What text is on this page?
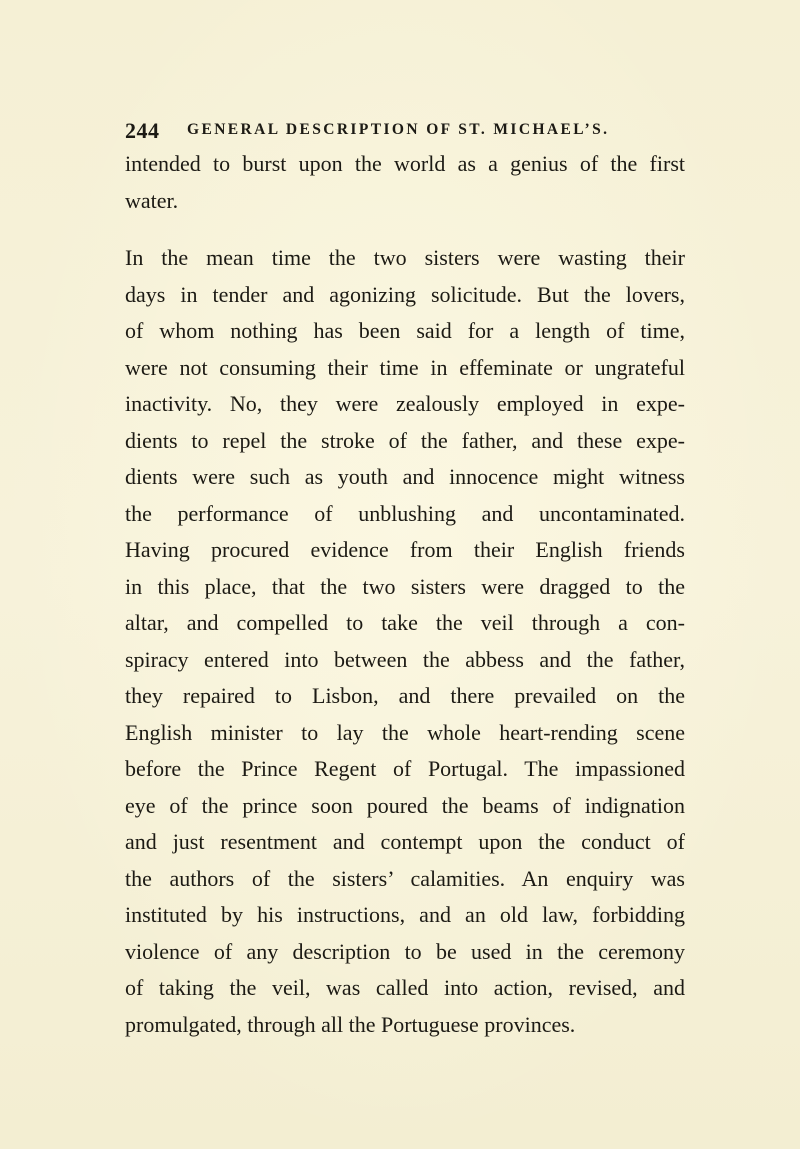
244 GENERAL DESCRIPTION OF ST. MICHAEL’S.
intended to burst upon the world as a genius of the first
water.
In the mean time the two sisters were wasting their
days in tender and agonizing solicitude. But the lovers,
of whom nothing has been said for a length of time,
were not consuming their time in effeminate or ungrateful
inactivity. No, they were zealously employed in expe-
dients to repel the stroke of the father, and these expe-
dients were such as youth and innocence might witness
the performance of unblushing and uncontaminated.
Having procured evidence from their English friends
in this place, that the two sisters were dragged to the
altar, and compelled to take the veil through a con-
spiracy entered into between the abbess and the father,
they repaired to Lisbon, and there prevailed on the
English minister to lay the whole heart-rending scene
before the Prince Regent of Portugal. The impassioned
eye of the prince soon poured the beams of indignation
and just resentment and contempt upon the conduct of
the authors of the sisters’ calamities. An enquiry was
instituted by his instructions, and an old law, forbidding
violence of any description to be used in the ceremony
of taking the veil, was called into action, revised, and
promulgated, through all the Portuguese provinces.
